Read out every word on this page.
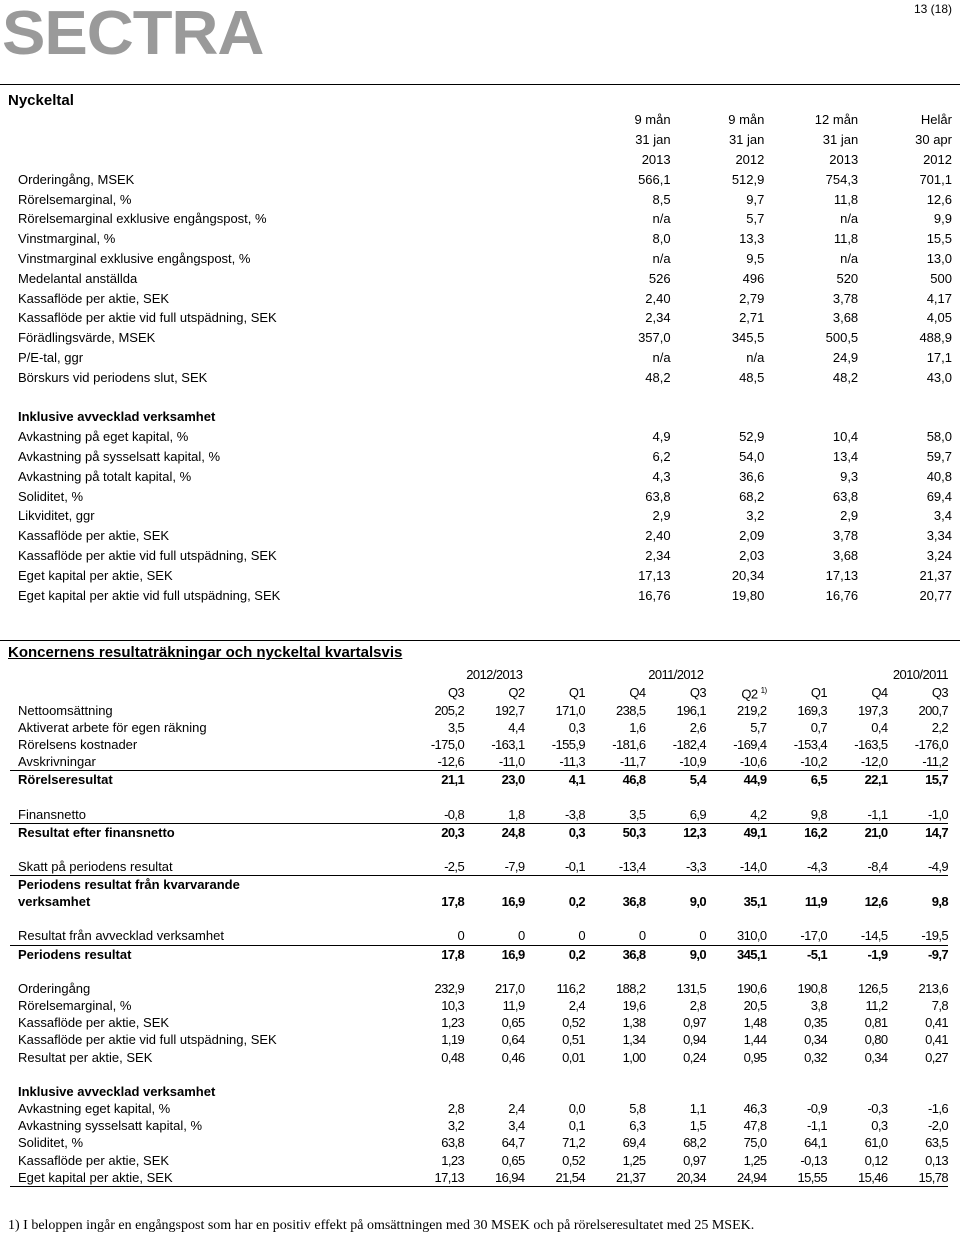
SECTRA	13 (18)
Nyckeltal
	9 mån	9 mån	12 mån	Helår
	31 jan	31 jan	31 jan	30 apr
	2013	2012	2013	2012
Orderingång, MSEK	566,1	512,9	754,3	701,1
Rörelsemarginal, %	8,5	9,7	11,8	12,6
Rörelsemarginal exklusive engångspost, %	n/a	5,7	n/a	9,9
Vinstmarginal, %	8,0	13,3	11,8	15,5
Vinstmarginal exklusive engångspost, %	n/a	9,5	n/a	13,0
Medelantal anställda	526	496	520	500
Kassaflöde per aktie, SEK	2,40	2,79	3,78	4,17
Kassaflöde per aktie vid full utspädning, SEK	2,34	2,71	3,68	4,05
Förädlingsvärde, MSEK	357,0	345,5	500,5	488,9
P/E-tal, ggr	n/a	n/a	24,9	17,1
Börskurs vid periodens slut, SEK	48,2	48,5	48,2	43,0

Inklusive avvecklad verksamhet				
Avkastning på eget kapital, %	4,9	52,9	10,4	58,0
Avkastning på sysselsatt kapital, %	6,2	54,0	13,4	59,7
Avkastning på totalt kapital, %	4,3	36,6	9,3	40,8
Soliditet, %	63,8	68,2	63,8	69,4
Likviditet, ggr	2,9	3,2	2,9	3,4
Kassaflöde per aktie, SEK	2,40	2,09	3,78	3,34
Kassaflöde per aktie vid full utspädning, SEK	2,34	2,03	3,68	3,24
Eget kapital per aktie, SEK	17,13	20,34	17,13	21,37
Eget kapital per aktie vid full utspädning, SEK	16,76	19,80	16,76	20,77
Koncernens resultaträkningar och nyckeltal kvartalsvis
	2012/2013			2011/2012			2010/2011		
	Q3	Q2	Q1	Q4	Q3	Q2 $^{1)}$	Q1	Q4	Q3
Nettoomsättning	205,2	192,7	171,0	238,5	196,1	219,2	169,3	197,3	200,7
Aktiverat arbete för egen räkning	3,5	4,4	0,3	1,6	2,6	5,7	0,7	0,4	2,2
Rörelsens kostnader	-175,0	-163,1	-155,9	-181,6	-182,4	-169,4	-153,4	-163,5	-176,0
Avskrivningar	-12,6	-11,0	-11,3	-11,7	-10,9	-10,6	-10,2	-12,0	-11,2
Rörelseresultat	21,1	23,0	4,1	46,8	5,4	44,9	6,5	22,1	15,7

Finansnetto	-0,8	1,8	-3,8	3,5	6,9	4,2	9,8	-1,1	-1,0
Resultat efter finansnetto	20,3	24,8	0,3	50,3	12,3	49,1	16,2	21,0	14,7

Skatt på periodens resultat	-2,5	-7,9	-0,1	-13,4	-3,3	-14,0	-4,3	-8,4	-4,9
Periodens resultat från kvarvarande									
verksamhet	17,8	16,9	0,2	36,8	9,0	35,1	11,9	12,6	9,8

Resultat från avvecklad verksamhet	0	0	0	0	0	310,0	-17,0	-14,5	-19,5
Periodens resultat	17,8	16,9	0,2	36,8	9,0	345,1	-5,1	-1,9	-9,7

Orderingång	232,9	217,0	116,2	188,2	131,5	190,6	190,8	126,5	213,6
Rörelsemarginal, %	10,3	11,9	2,4	19,6	2,8	20,5	3,8	11,2	7,8
Kassaflöde per aktie, SEK	1,23	0,65	0,52	1,38	0,97	1,48	0,35	0,81	0,41
Kassaflöde per aktie vid full utspädning, SEK	1,19	0,64	0,51	1,34	0,94	1,44	0,34	0,80	0,41
Resultat per aktie, SEK	0,48	0,46	0,01	1,00	0,24	0,95	0,32	0,34	0,27

Inklusive avvecklad verksamhet									
Avkastning eget kapital, %	2,8	2,4	0,0	5,8	1,1	46,3	-0,9	-0,3	-1,6
Avkastning sysselsatt kapital, %	3,2	3,4	0,1	6,3	1,5	47,8	-1,1	0,3	-2,0
Soliditet, %	63,8	64,7	71,2	69,4	68,2	75,0	64,1	61,0	63,5
Kassaflöde per aktie, SEK	1,23	0,65	0,52	1,25	0,97	1,25	-0,13	0,12	0,13
Eget kapital per aktie, SEK	17,13	16,94	21,54	21,37	20,34	24,94	15,55	15,46	15,78
1) I beloppen ingår en engångspost som har en positiv effekt på omsättningen med 30 MSEK och på rörelseresultatet med 25 MSEK.
